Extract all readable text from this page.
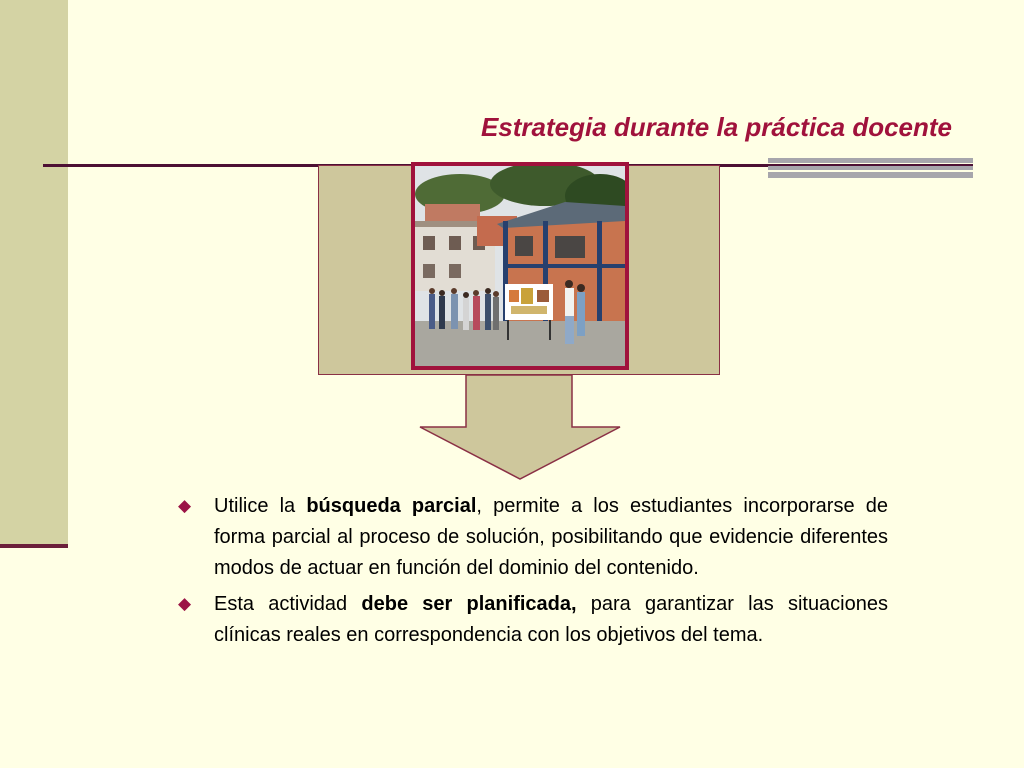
Estrategia durante la práctica docente
◆ Utilice la búsqueda parcial, permite a los estudiantes incorporarse de forma parcial al proceso de solución, posibilitando que evidencie diferentes modos de actuar en función del dominio del contenido.
◆ Esta actividad debe ser planificada, para garantizar las situaciones clínicas reales en correspondencia con los objetivos del tema.
